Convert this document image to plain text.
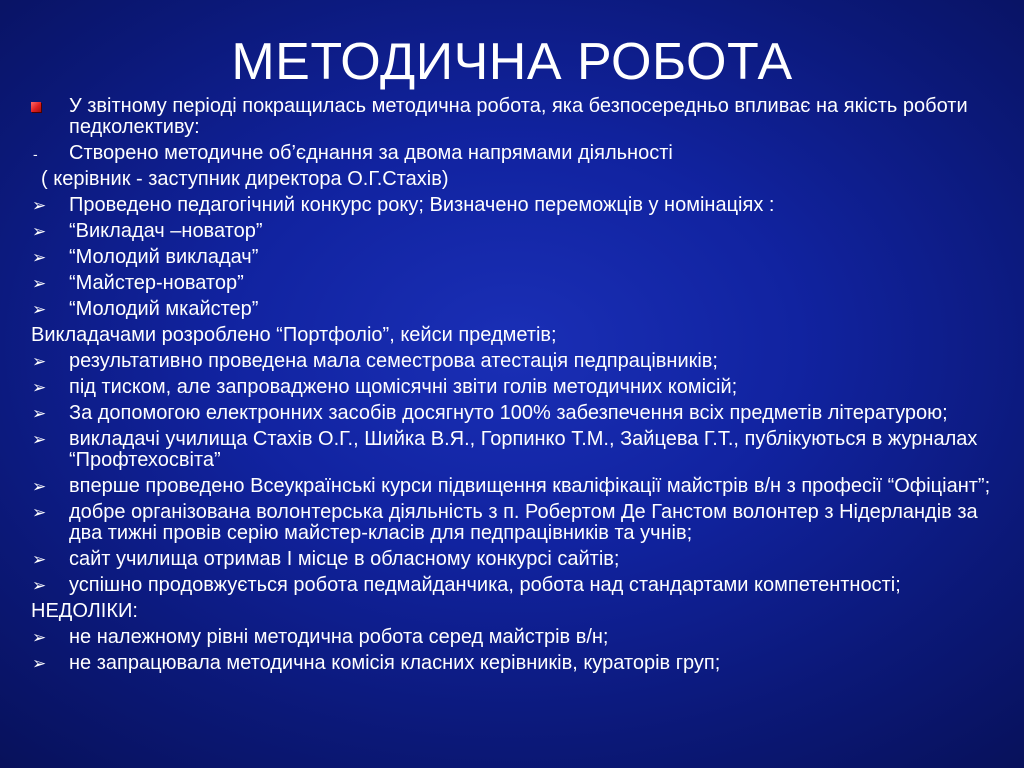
МЕТОДИЧНА РОБОТА
У звітному періоді покращилась методична робота, яка безпосередньо впливає на якість роботи педколективу:
-	Створено методичне об’єднання за двома напрямами діяльності
( керівник - заступник директора О.Г.Стахів)
➢	Проведено педагогічний конкурс року; Визначено переможців у номінаціях :
➢	“Викладач –новатор”
➢	“Молодий викладач”
➢	“Майстер-новатор”
➢	“Молодий мкайстер”
Викладачами розроблено “Портфоліо”, кейси предметів;
➢	результативно проведена мала семестрова атестація педпрацівників;
➢	під тиском, але запроваджено щомісячні звіти голів методичних комісій;
➢	За допомогою електронних засобів досягнуто 100% забезпечення всіх предметів літературою;
➢	викладачі училища Стахів О.Г., Шийка В.Я., Горпинко Т.М., Зайцева Г.Т., публікуються в журналах “Профтехосвіта”
➢	вперше проведено Всеукраїнські курси підвищення кваліфікації майстрів в/н з професії “Офіціант”;
➢	добре організована волонтерська діяльність з п. Робертом Де Ганстом волонтер з Нідерландів за два тижні провів серію майстер-класів для педпрацівників та учнів;
➢	сайт училища отримав І місце в обласному конкурсі сайтів;
➢	успішно продовжується робота педмайданчика, робота над стандартами компетентності;
НЕДОЛІКИ:
➢	не належному рівні методична робота серед майстрів в/н;
➢	не запрацювала методична комісія класних керівників, кураторів груп;
